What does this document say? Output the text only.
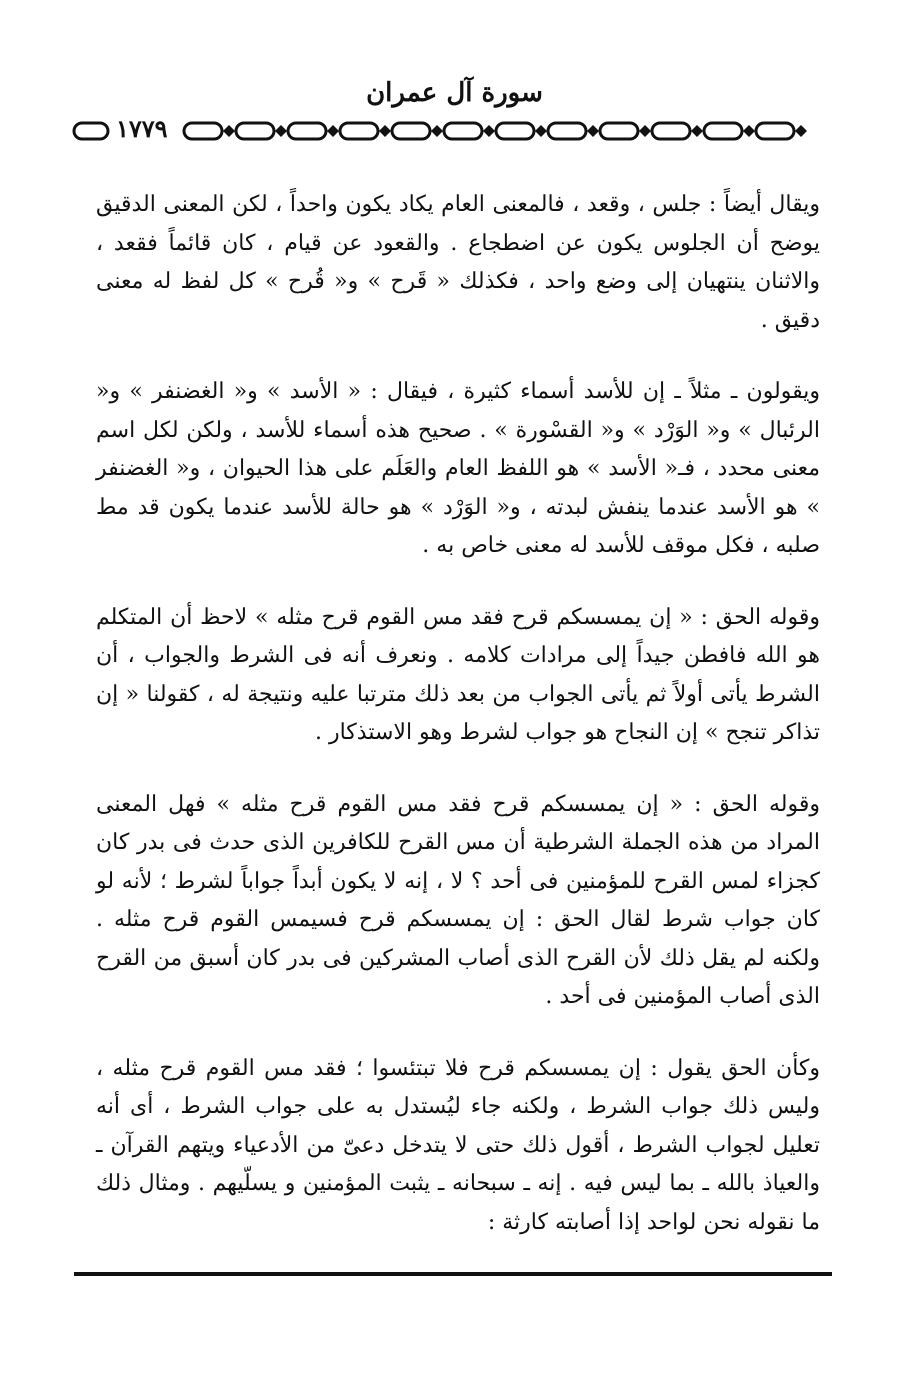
سورة آل عمران
١٧٧٩

ويقال أيضاً : جلس ، وقعد ، فالمعنى العام يكاد يكون واحداً ، لكن المعنى الدقيق يوضح أن الجلوس يكون عن اضطجاع . والقعود عن قيام ، كان قائماً فقعد ، والاثنان ينتهيان إلى وضع واحد ، فكذلك « قَرح » و« قُرح » كل لفظ له معنى دقيق .

ويقولون ـ مثلاً ـ إن للأسد أسماء كثيرة ، فيقال : « الأسد » و« الغضنفر » و« الرئبال » و« الوَرْد » و« القسْورة » . صحيح هذه أسماء للأسد ، ولكن لكل اسم معنى محدد ، فـ« الأسد » هو اللفظ العام والعَلَم على هذا الحيوان ، و« الغضنفر » هو الأسد عندما ينفش لبدته ، و« الوَرْد » هو حالة للأسد عندما يكون قد مط صلبه ، فكل موقف للأسد له معنى خاص به .

وقوله الحق : « إن يمسسكم قرح فقد مس القوم قرح مثله » لاحظ أن المتكلم هو الله فافطن جيداً إلى مرادات كلامه . ونعرف أنه فى الشرط والجواب ، أن الشرط يأتى أولاً ثم يأتى الجواب من بعد ذلك مترتبا عليه ونتيجة له ، كقولنا « إن تذاكر تنجح » إن النجاح هو جواب لشرط وهو الاستذكار .

وقوله الحق : « إن يمسسكم قرح فقد مس القوم قرح مثله » فهل المعنى المراد من هذه الجملة الشرطية أن مس القرح للكافرين الذى حدث فى بدر كان كجزاء لمس القرح للمؤمنين فى أحد ؟ لا ، إنه لا يكون أبداً جواباً لشرط ؛ لأنه لو كان جواب شرط لقال الحق : إن يمسسكم قرح فسيمس القوم قرح مثله . ولكنه لم يقل ذلك لأن القرح الذى أصاب المشركين فى بدر كان أسبق من القرح الذى أصاب المؤمنين فى أحد .

وكأن الحق يقول : إن يمسسكم قرح فلا تبتئسوا ؛ فقد مس القوم قرح مثله ، وليس ذلك جواب الشرط ، ولكنه جاء ليُستدل به على جواب الشرط ، أى أنه تعليل لجواب الشرط ، أقول ذلك حتى لا يتدخل دعىّ من الأدعياء ويتهم القرآن ـ والعياذ بالله ـ بما ليس فيه . إنه ـ سبحانه ـ يثبت المؤمنين و يسلّيهم . ومثال ذلك ما نقوله نحن لواحد إذا أصابته كارثة :
